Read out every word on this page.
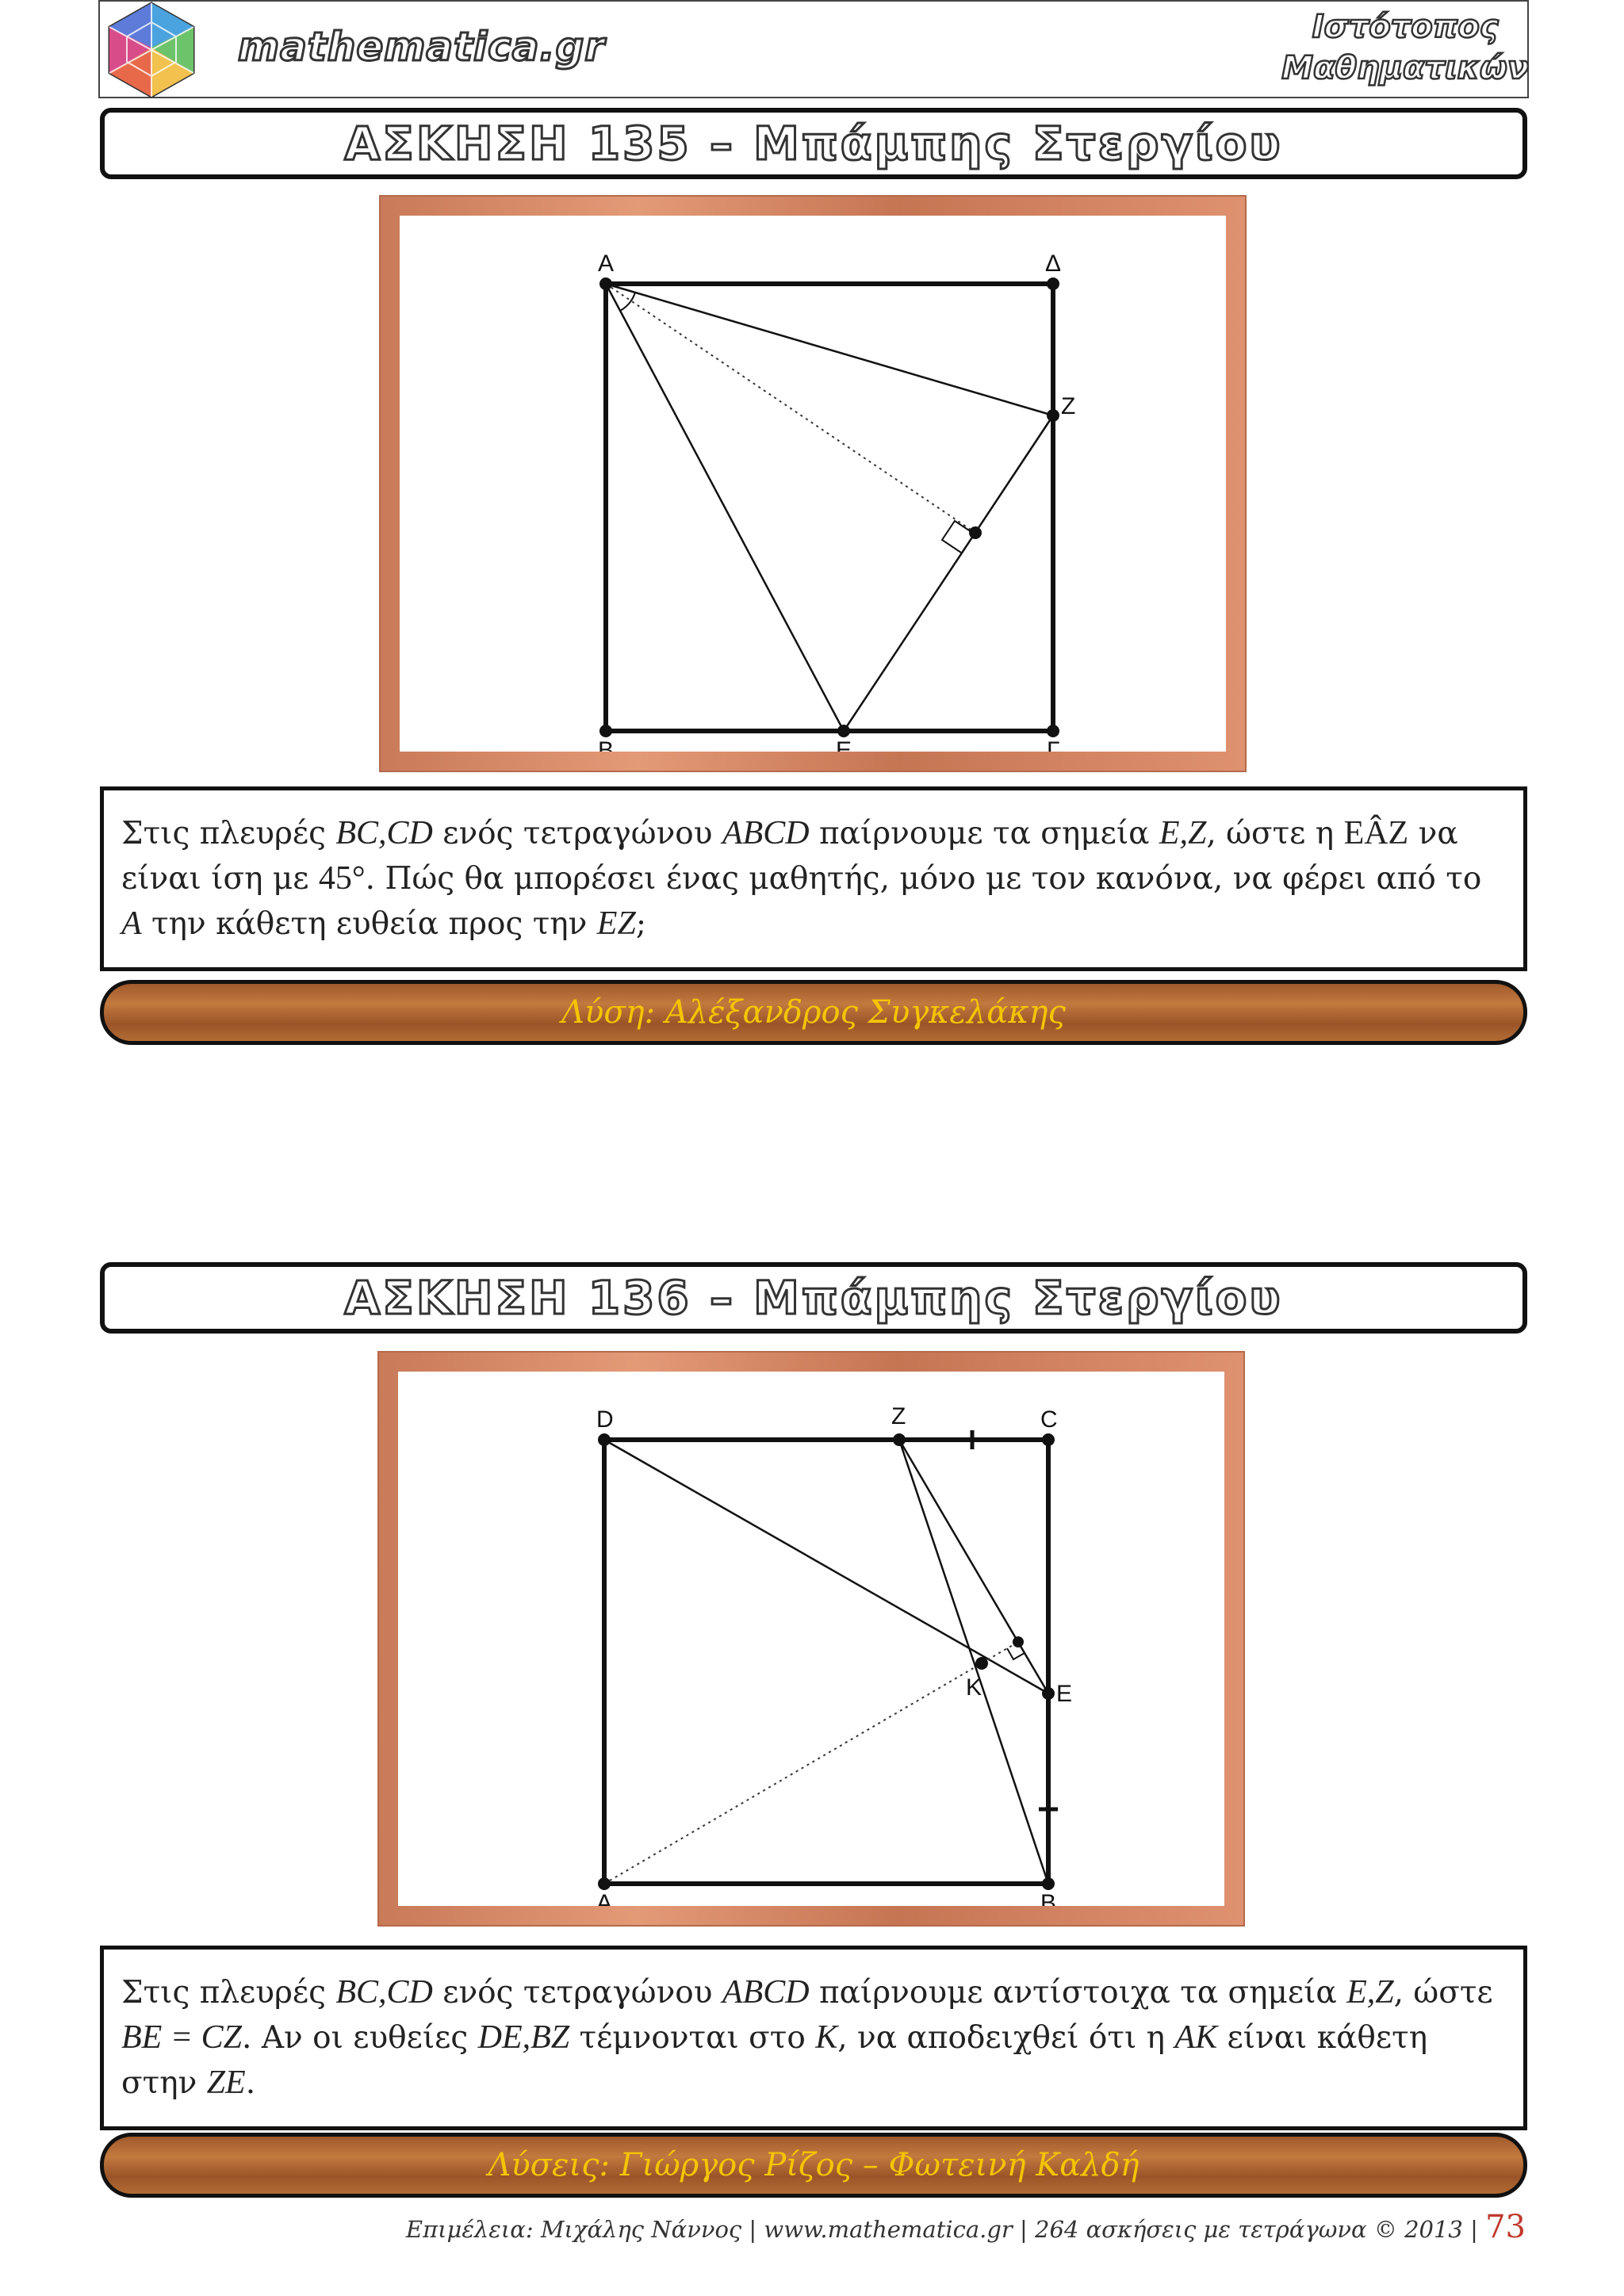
mathematica.gr	Ιστότοπος
Μαθηματικών
ΑΣΚΗΣΗ 135 – Μπάμπης Στεργίου
Α	Δ
Ζ
Β	Ε	Γ
Στις πλευρές BC,CD ενός τετραγώνου ABCD παίρνουμε τα σημεία E,Z, ώστε η EÂZ να είναι ίση με 45°. Πώς θα μπορέσει ένας μαθητής, μόνο με τον κανόνα, να φέρει από το A την κάθετη ευθεία προς την EZ;
Λύση: Αλέξανδρος Συγκελάκης
ΑΣΚΗΣΗ 136 – Μπάμπης Στεργίου
D	Z	C
K	E
A	B
Στις πλευρές BC,CD ενός τετραγώνου ABCD παίρνουμε αντίστοιχα τα σημεία E,Z, ώστε BE = CZ. Αν οι ευθείες DE,BZ τέμνονται στο K, να αποδειχθεί ότι η AK είναι κάθετη στην ZE.
Λύσεις: Γιώργος Ρίζος – Φωτεινή Καλδή
Επιμέλεια: Μιχάλης Νάννος | www.mathematica.gr | 264 ασκήσεις με τετράγωνα © 2013 | 73
